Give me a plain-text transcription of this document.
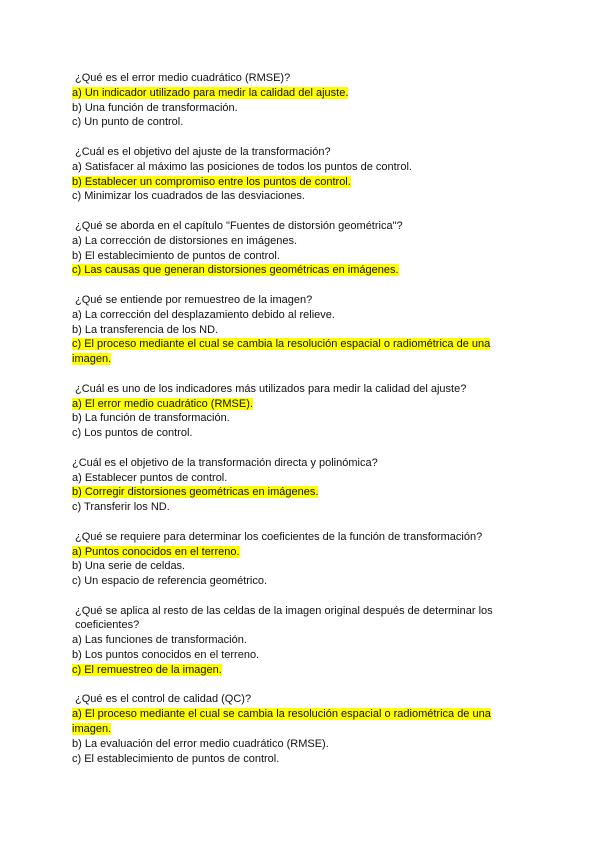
¿Qué es el error medio cuadrático (RMSE)?
a) Un indicador utilizado para medir la calidad del ajuste.
b) Una función de transformación.
c) Un punto de control.
¿Cuál es el objetivo del ajuste de la transformación?
a) Satisfacer al máximo las posiciones de todos los puntos de control.
b) Establecer un compromiso entre los puntos de control.
c) Minimizar los cuadrados de las desviaciones.
¿Qué se aborda en el capítulo "Fuentes de distorsión geométrica"?
a) La corrección de distorsiones en imágenes.
b) El establecimiento de puntos de control.
c) Las causas que generan distorsiones geométricas en imágenes.
¿Qué se entiende por remuestreo de la imagen?
a) La corrección del desplazamiento debido al relieve.
b) La transferencia de los ND.
c) El proceso mediante el cual se cambia la resolución espacial o radiométrica de una imagen.
¿Cuál es uno de los indicadores más utilizados para medir la calidad del ajuste?
a) El error medio cuadrático (RMSE).
b) La función de transformación.
c) Los puntos de control.
¿Cuál es el objetivo de la transformación directa y polinómica?
a) Establecer puntos de control.
b) Corregir distorsiones geométricas en imágenes.
c) Transferir los ND.
¿Qué se requiere para determinar los coeficientes de la función de transformación?
a) Puntos conocidos en el terreno.
b) Una serie de celdas.
c) Un espacio de referencia geométrico.
¿Qué se aplica al resto de las celdas de la imagen original después de determinar los coeficientes?
a) Las funciones de transformación.
b) Los puntos conocidos en el terreno.
c) El remuestreo de la imagen.
¿Qué es el control de calidad (QC)?
a) El proceso mediante el cual se cambia la resolución espacial o radiométrica de una imagen.
b) La evaluación del error medio cuadrático (RMSE).
c) El establecimiento de puntos de control.
